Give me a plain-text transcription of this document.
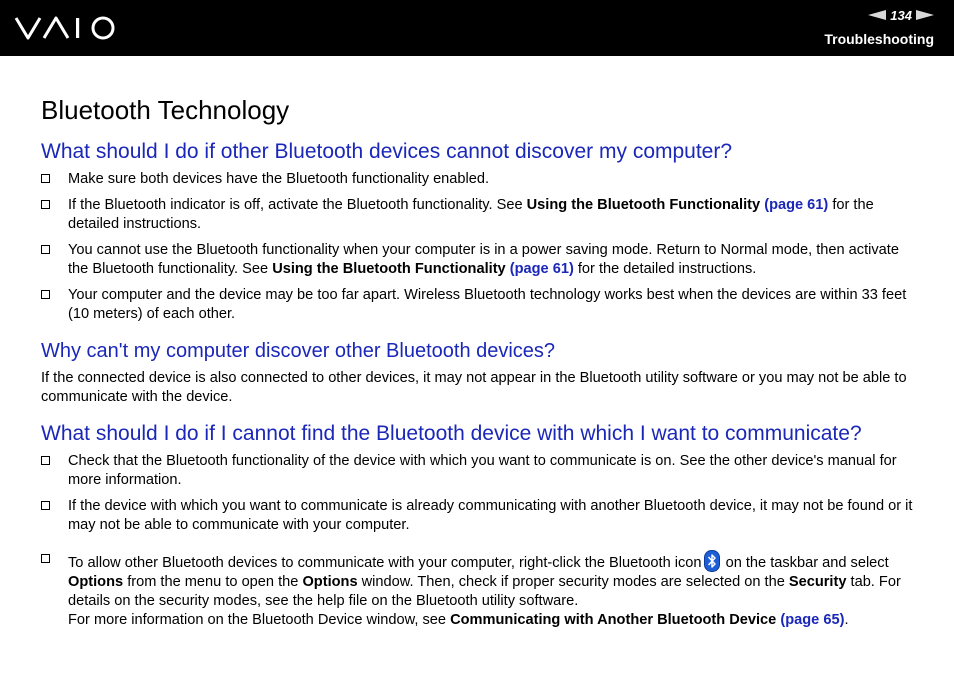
134
Troubleshooting
Bluetooth Technology
What should I do if other Bluetooth devices cannot discover my computer?
Make sure both devices have the Bluetooth functionality enabled.
If the Bluetooth indicator is off, activate the Bluetooth functionality. See Using the Bluetooth Functionality (page 61) for the detailed instructions.
You cannot use the Bluetooth functionality when your computer is in a power saving mode. Return to Normal mode, then activate the Bluetooth functionality. See Using the Bluetooth Functionality (page 61) for the detailed instructions.
Your computer and the device may be too far apart. Wireless Bluetooth technology works best when the devices are within 33 feet (10 meters) of each other.
Why can't my computer discover other Bluetooth devices?
If the connected device is also connected to other devices, it may not appear in the Bluetooth utility software or you may not be able to communicate with the device.
What should I do if I cannot find the Bluetooth device with which I want to communicate?
Check that the Bluetooth functionality of the device with which you want to communicate is on. See the other device's manual for more information.
If the device with which you want to communicate is already communicating with another Bluetooth device, it may not be found or it may not be able to communicate with your computer.
To allow other Bluetooth devices to communicate with your computer, right-click the Bluetooth icon on the taskbar and select Options from the menu to open the Options window. Then, check if proper security modes are selected on the Security tab. For details on the security modes, see the help file on the Bluetooth utility software.
For more information on the Bluetooth Device window, see Communicating with Another Bluetooth Device (page 65).
